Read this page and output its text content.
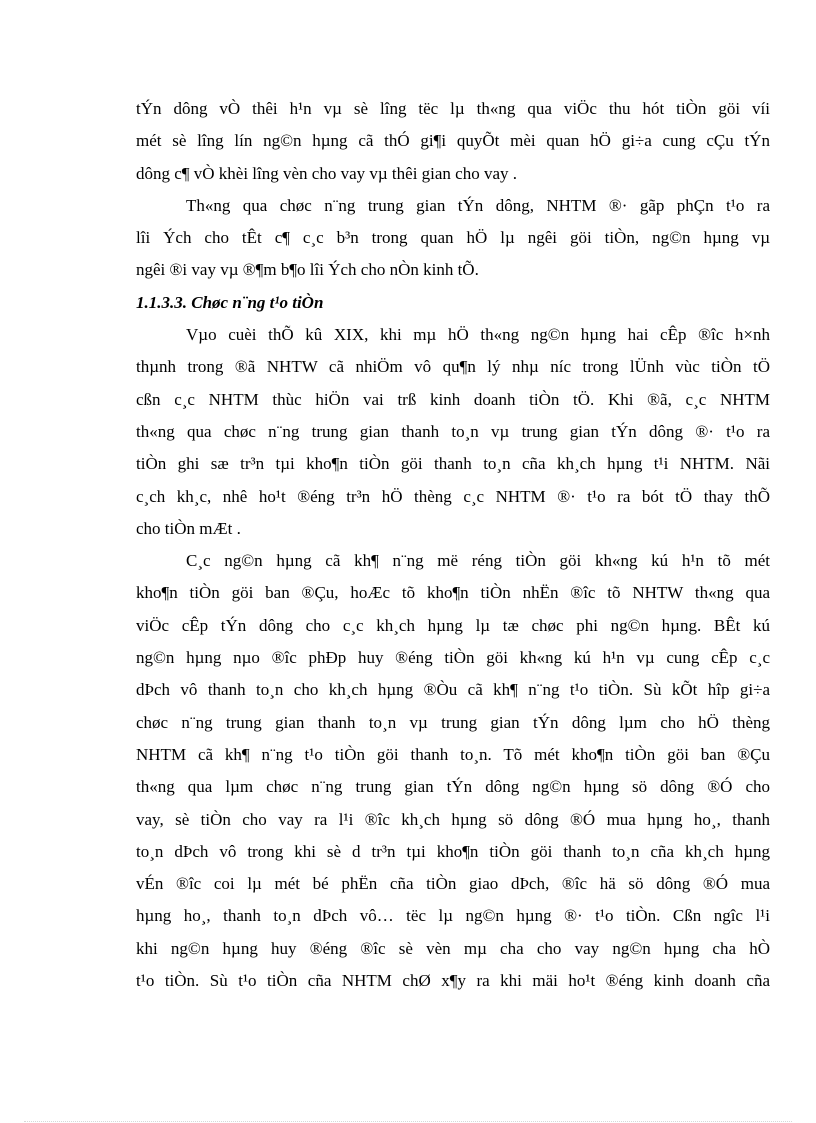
tÝn dông vÒ thêi h¹n vµ sè lîng tëc lµ th«ng qua viÖc thu hót tiÒn göi víi
mét sè lîng lín ng©n hµng cã thÓ gi¶i quyÕt mèi quan hÖ gi÷a cung cÇu tÝn
dông c¶ vÒ khèi lîng vèn cho vay vµ thêi gian cho vay .
Th«ng qua chøc n¨ng trung gian tÝn dông, NHTM ®· gãp phÇn t¹o ra
lîi Ých cho tÊt c¶ c¸c b³n trong quan hÖ lµ ngêi göi tiÒn, ng©n hµng vµ
ngêi ®i vay vµ ®¶m b¶o lîi Ých cho nÒn kinh tÕ.
1.1.3.3. Chøc n¨ng t¹o tiÒn
Vµo cuèi thÕ kû XIX, khi mµ hÖ th«ng ng©n hµng hai cÊp ®îc h×nh
thµnh trong ®ã NHTW cã nhiÖm vô qu¶n lý nhµ níc trong lÜnh vùc tiÒn tÖ
cßn c¸c NHTM thùc hiÖn vai trß kinh doanh tiÒn tÖ. Khi ®ã, c¸c NHTM
th«ng qua chøc n¨ng trung gian thanh to¸n vµ trung gian tÝn dông ®· t¹o ra
tiÒn ghi sæ tr³n tµi kho¶n tiÒn göi thanh to¸n cña kh¸ch hµng t¹i NHTM. Nãi
c¸ch kh¸c, nhê ho¹t ®éng tr³n hÖ thèng c¸c NHTM ®· t¹o ra bót tÖ thay thÕ
cho tiÒn mÆt .
C¸c ng©n hµng cã kh¶ n¨ng më réng tiÒn göi kh«ng kú h¹n tõ mét
kho¶n tiÒn göi ban ®Çu, hoÆc tõ kho¶n tiÒn nhËn ®îc tõ NHTW th«ng qua
viÖc cÊp tÝn dông cho c¸c kh¸ch hµng lµ tæ chøc phi ng©n hµng. BÊt kú
ng©n hµng nµo ®îc phÐp huy ®éng tiÒn göi kh«ng kú h¹n vµ cung cÊp c¸c
dÞch vô thanh to¸n cho kh¸ch hµng ®Òu cã kh¶ n¨ng t¹o tiÒn. Sù kÕt hîp gi÷a
chøc n¨ng trung gian thanh to¸n vµ trung gian tÝn dông lµm cho hÖ thèng
NHTM cã kh¶ n¨ng t¹o tiÒn göi thanh to¸n. Tõ mét kho¶n tiÒn göi ban ®Çu
th«ng qua lµm chøc n¨ng trung gian tÝn dông ng©n hµng sö dông ®Ó cho
vay, sè tiÒn cho vay ra l¹i ®îc kh¸ch hµng sö dông ®Ó mua hµng ho¸, thanh
to¸n dÞch vô trong khi sè d tr³n tµi kho¶n tiÒn göi thanh to¸n cña kh¸ch hµng
vÉn ®îc coi lµ mét bé phËn cña tiÒn giao dÞch, ®îc hä sö dông ®Ó mua
hµng ho¸, thanh to¸n dÞch vô… tëc lµ ng©n hµng ®· t¹o tiÒn. Cßn ngîc l¹i
khi ng©n hµng huy ®éng ®îc sè vèn mµ cha cho vay ng©n hµng cha hÒ
t¹o tiÒn. Sù t¹o tiÒn cña NHTM chØ x¶y ra khi mäi ho¹t ®éng kinh doanh cña
